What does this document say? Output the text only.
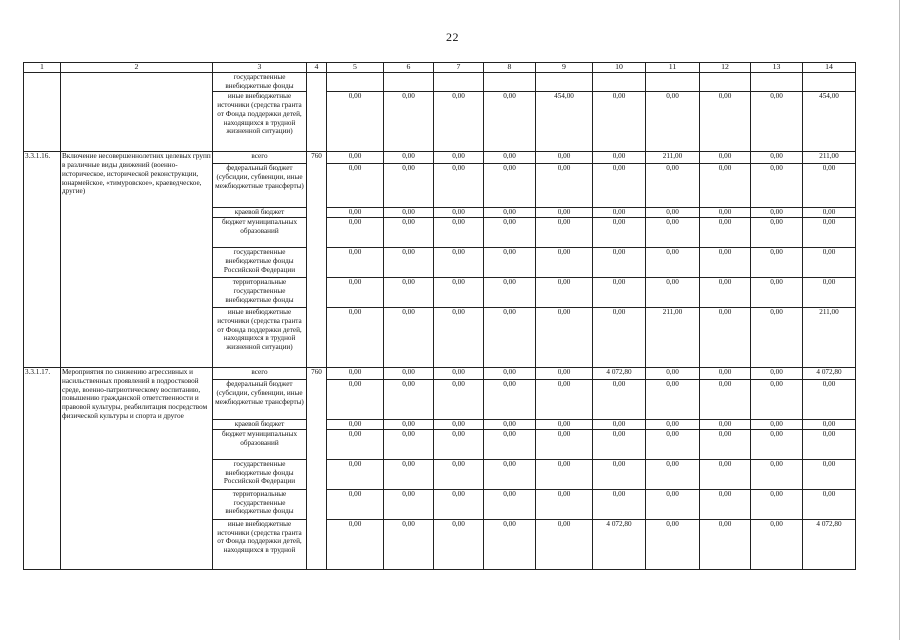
22
1	2	3	4	5	6	7	8	9	10	11	12	13	14
		государственные внебюджетные фонды											
		иные внебюджетные источники (средства гранта от Фонда поддержки детей, находящихся в трудной жизненной ситуации)		0,00	0,00	0,00	0,00	454,00	0,00	0,00	0,00	0,00	454,00
3.3.1.16.	Включение несовершеннолетних целевых групп в различные виды движений (военно-историческое, исторической реконструкции, юнармейское, «тимуровское», краеведческое, другие)	всего	760	0,00	0,00	0,00	0,00	0,00	0,00	211,00	0,00	0,00	211,00
		федеральный бюджет (субсидии, субвенции, иные межбюджетные трансферты)		0,00	0,00	0,00	0,00	0,00	0,00	0,00	0,00	0,00	0,00
		краевой бюджет		0,00	0,00	0,00	0,00	0,00	0,00	0,00	0,00	0,00	0,00
		бюджет муниципальных образований		0,00	0,00	0,00	0,00	0,00	0,00	0,00	0,00	0,00	0,00
		государственные внебюджетные фонды Российской Федерации		0,00	0,00	0,00	0,00	0,00	0,00	0,00	0,00	0,00	0,00
		территориальные государственные внебюджетные фонды		0,00	0,00	0,00	0,00	0,00	0,00	0,00	0,00	0,00	0,00
		иные внебюджетные источники (средства гранта от Фонда поддержки детей, находящихся в трудной жизненной ситуации)		0,00	0,00	0,00	0,00	0,00	0,00	211,00	0,00	0,00	211,00
3.3.1.17.	Мероприятия по снижению агрессивных и насильственных проявлений в подростковой среде, военно-патриотическому воспитанию, повышению гражданской ответственности и правовой культуры, реабилитация посредством физической культуры и спорта и другое	всего	760	0,00	0,00	0,00	0,00	0,00	4 072,80	0,00	0,00	0,00	4 072,80
		федеральный бюджет (субсидии, субвенции, иные межбюджетные трансферты)		0,00	0,00	0,00	0,00	0,00	0,00	0,00	0,00	0,00	0,00
		краевой бюджет		0,00	0,00	0,00	0,00	0,00	0,00	0,00	0,00	0,00	0,00
		бюджет муниципальных образований		0,00	0,00	0,00	0,00	0,00	0,00	0,00	0,00	0,00	0,00
		государственные внебюджетные фонды Российской Федерации		0,00	0,00	0,00	0,00	0,00	0,00	0,00	0,00	0,00	0,00
		территориальные государственные внебюджетные фонды		0,00	0,00	0,00	0,00	0,00	0,00	0,00	0,00	0,00	0,00
		иные внебюджетные источники (средства гранта от Фонда поддержки детей, находящихся в трудной		0,00	0,00	0,00	0,00	0,00	4 072,80	0,00	0,00	0,00	4 072,80
